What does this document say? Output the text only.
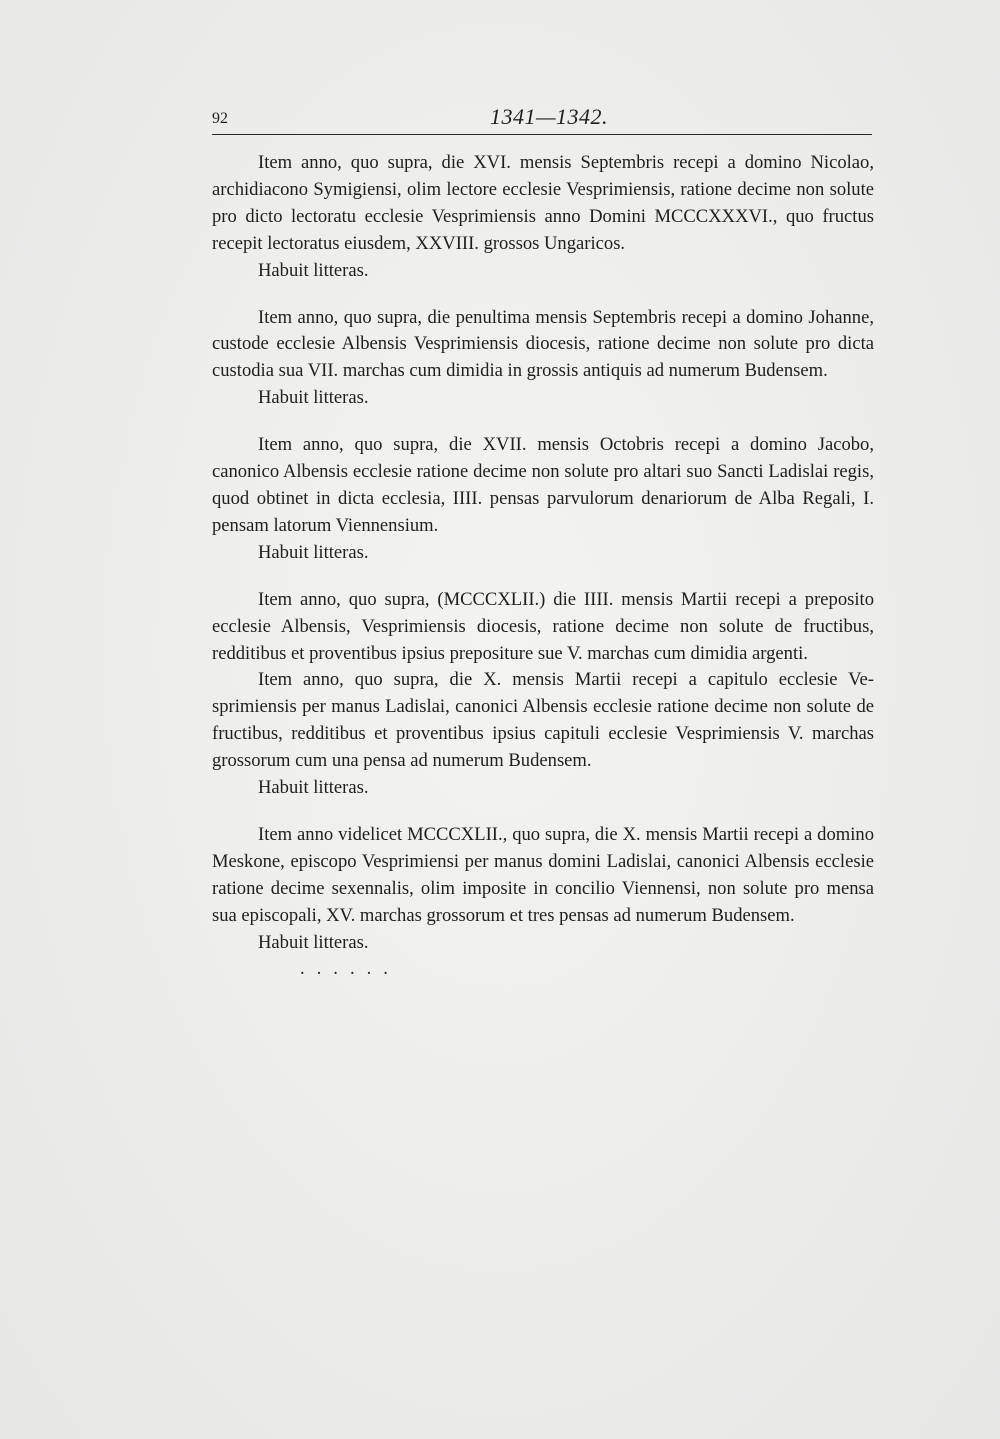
92	1341—1342.

Item anno, quo supra, die XVI. mensis Septembris recepi a domino Nicolao, archidiacono Symigiensi, olim lectore ecclesie Vesprimiensis, ratione decime non solute pro dicto lectoratu ecclesie Vesprimiensis anno Domini MCCCXXXVI., quo fructus recepit lectoratus eiusdem, XXVIII. grossos Ungaricos.

Habuit litteras.

Item anno, quo supra, die penultima mensis Septembris recepi a domino Johanne, custode ecclesie Albensis Vesprimiensis diocesis, ratione decime non solute pro dicta custodia sua VII. marchas cum dimidia in grossis antiquis ad numerum Budensem.

Habuit litteras.

Item anno, quo supra, die XVII. mensis Octobris recepi a domino Jacobo, canonico Albensis ecclesie ratione decime non solute pro altari suo Sancti Ladislai regis, quod obtinet in dicta ecclesia, IIII. pensas parvulorum denariorum de Alba Regali, I. pensam latorum Viennensium.

Habuit litteras.

Item anno, quo supra, (MCCCXLII.) die IIII. mensis Martii recepi a preposito ecclesie Albensis, Vesprimiensis diocesis, ratione decime non solute de fructibus, redditibus et proventibus ipsius prepositure sue V. marchas cum dimidia argenti.

Item anno, quo supra, die X. mensis Martii recepi a capitulo ecclesie Vesprimiensis per manus Ladislai, canonici Albensis ecclesie ratione decime non solute de fructibus, redditibus et proventibus ipsius capituli ecclesie Vesprimiensis V. marchas grossorum cum una pensa ad numerum Budensem.

Habuit litteras.

Item anno videlicet MCCCXLII., quo supra, die X. mensis Martii recepi a domino Meskone, episcopo Vesprimiensi per manus domini Ladislai, canonici Albensis ecclesie ratione decime sexennalis, olim imposite in concilio Viennensi, non solute pro mensa sua episcopali, XV. marchas grossorum et tres pensas ad numerum Budensem.

Habuit litteras.

......
